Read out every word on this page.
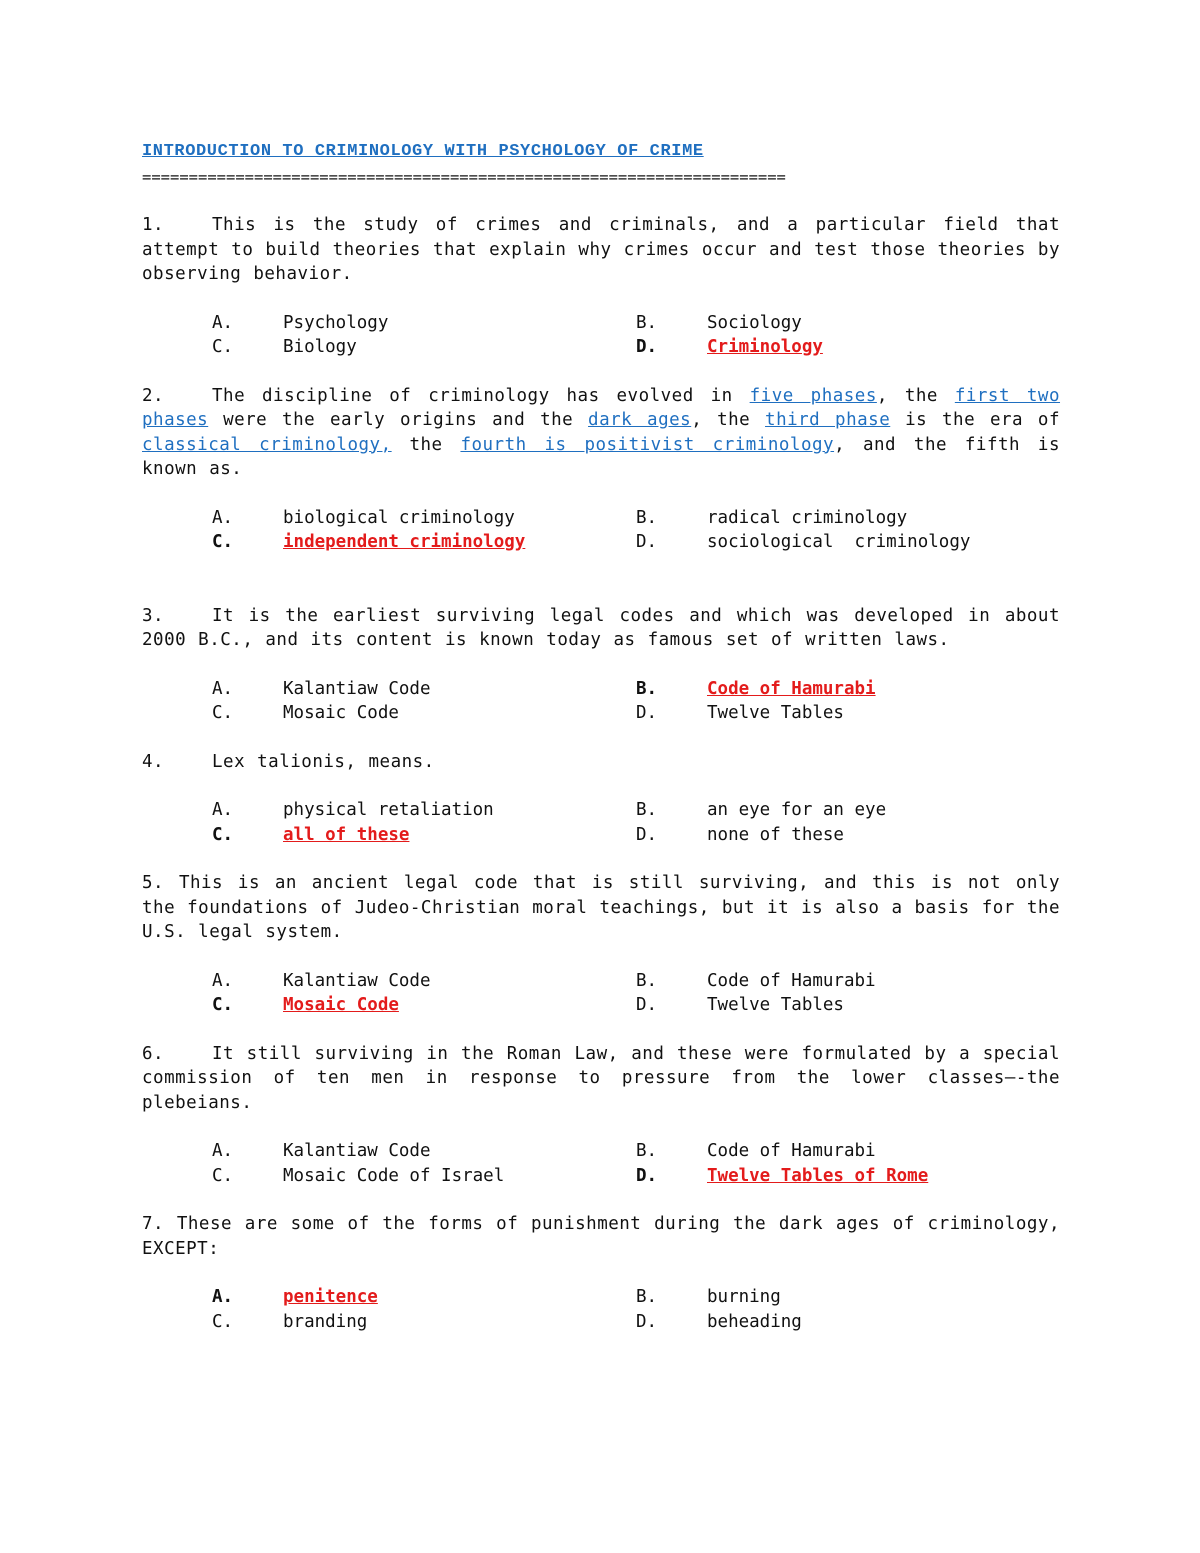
INTRODUCTION TO CRIMINOLOGY WITH PSYCHOLOGY OF CRIME
=====================================================================
1.	This is the study of crimes and criminals, and a particular field that attempt to build theories that explain why crimes occur and test those theories by observing behavior.
A.	Psychology	B.	Sociology
C.	Biology	D.	Criminology
2.	The discipline of criminology has evolved in five phases, the first two phases were the early origins and the dark ages, the third phase is the era of classical criminology, the fourth is positivist criminology, and the fifth is known as.
A.	biological criminology	B.	radical criminology
C.	independent criminology	D.	sociological  criminology
3.	It is the earliest surviving legal codes and which was developed in about 2000 B.C., and its content is known today as famous set of written laws.
A.	Kalantiaw Code	B.	Code of Hamurabi
C.	Mosaic Code	D.	Twelve Tables
4.	Lex talionis, means.
A.	physical retaliation	B.	an eye for an eye
C.	all of these	D.	none of these
5. This is an ancient legal code that is still surviving, and this is not only the foundations of Judeo-Christian moral teachings, but it is also a basis for the U.S. legal system.
A.	Kalantiaw Code	B.	Code of Hamurabi
C.	Mosaic Code	D.	Twelve Tables
6.	It still surviving in the Roman Law, and these were formulated by a special commission of ten men in response to pressure from the lower classes—-the plebeians.
A.	Kalantiaw Code	B.	Code of Hamurabi
C.	Mosaic Code of Israel	D.	Twelve Tables of Rome
7. These are some of the forms of punishment during the dark ages of criminology, EXCEPT:
A.	penitence	B.	burning
C.	branding	D.	beheading
